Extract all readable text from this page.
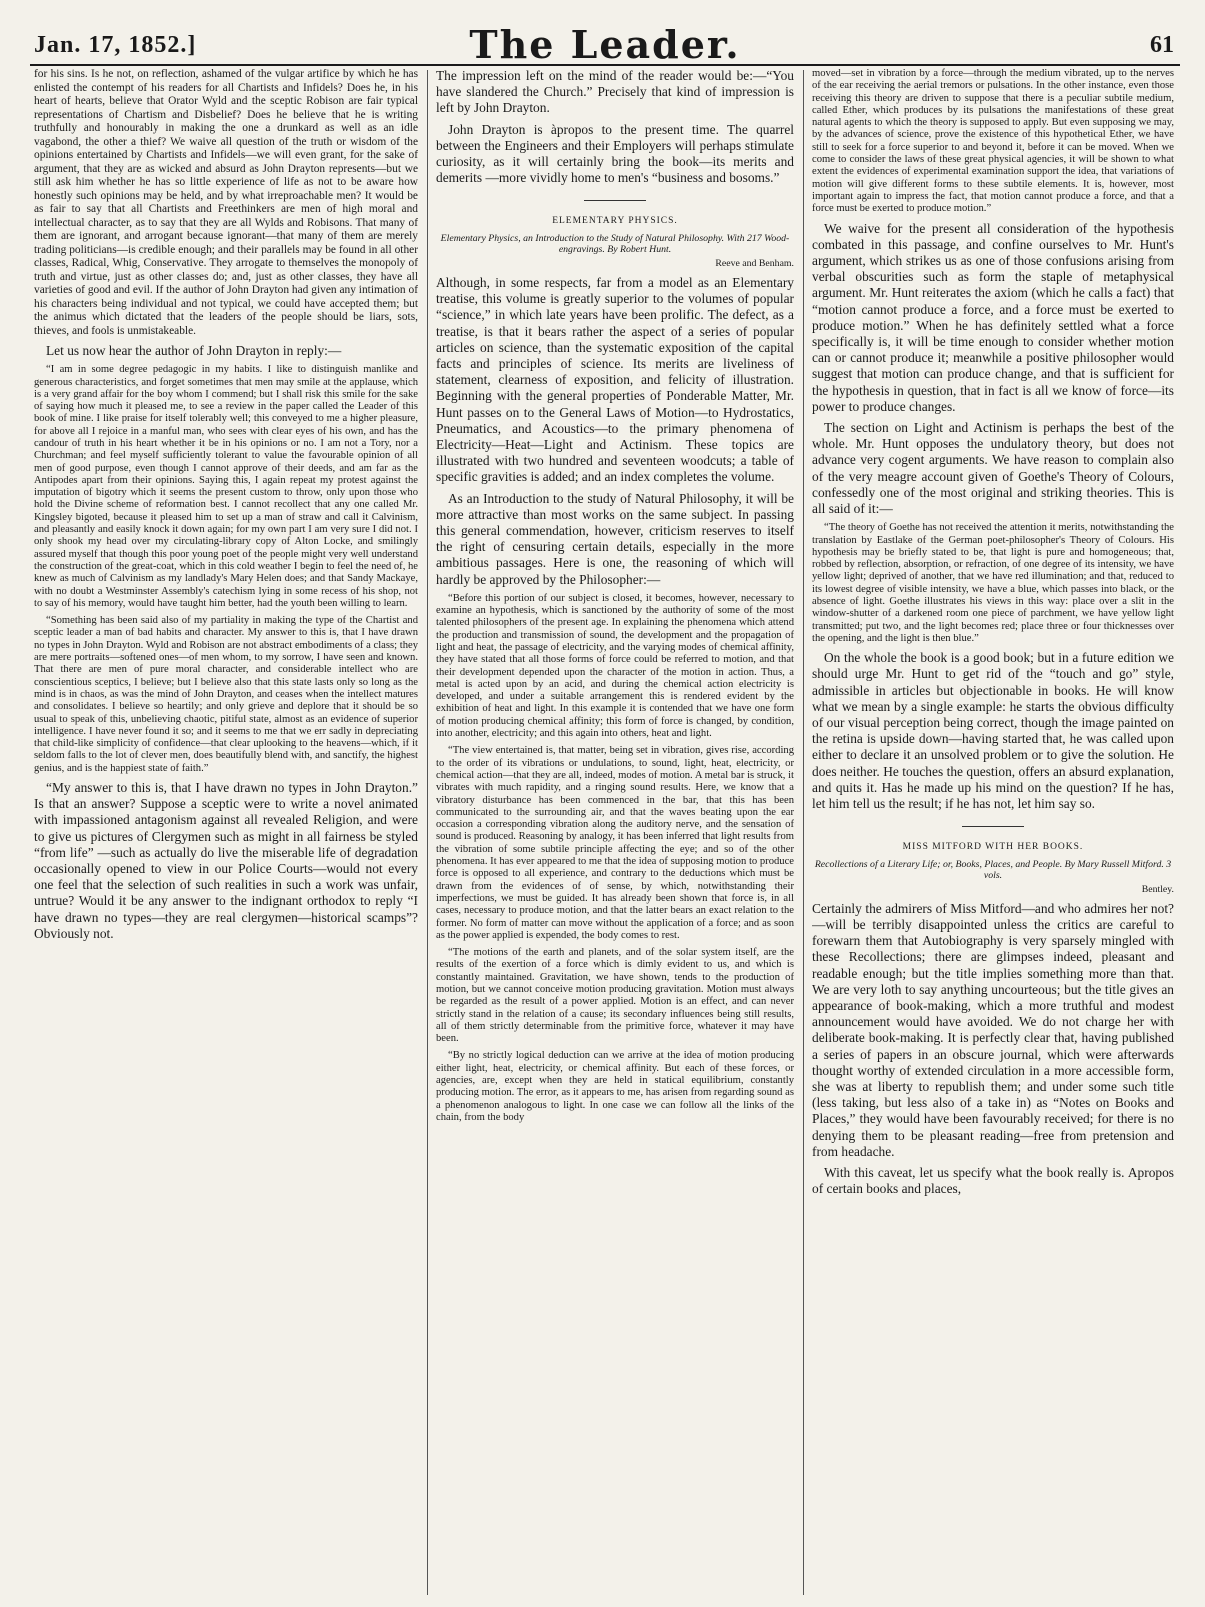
Jan. 17, 1852.]	The Leader.	61

for his sins. Is he not, on reflection, ashamed of the vulgar artifice by which he has enlisted the contempt of his readers for all Chartists and Infidels? Does he, in his heart of hearts, believe that Orator Wyld and the sceptic Robison are fair typical representations of Chartism and Disbelief? Does he believe that he is writing truthfully and honourably in making the one a drunkard as well as an idle vagabond, the other a thief? We waive all question of the truth or wisdom of the opinions entertained by Chartists and Infidels—we will even grant, for the sake of argument, that they are as wicked and absurd as John Drayton represents—but we still ask him whether he has so little experience of life as not to be aware how honestly such opinions may be held, and by what irreproachable men? It would be as fair to say that all Chartists and Freethinkers are men of high moral and intellectual character, as to say that they are all Wylds and Robisons. That many of them are ignorant, and arrogant because ignorant—that many of them are merely trading politicians—is credible enough; and their parallels may be found in all other classes, Radical, Whig, Conservative. They arrogate to themselves the monopoly of truth and virtue, just as other classes do; and, just as other classes, they have all varieties of good and evil. If the author of John Drayton had given any intimation of his characters being individual and not typical, we could have accepted them; but the animus which dictated that the leaders of the people should be liars, sots, thieves, and fools is unmistakeable.

Let us now hear the author of John Drayton in reply:—

“I am in some degree pedagogic in my habits. I like to distinguish manlike and generous characteristics, and forget sometimes that men may smile at the applause, which is a very grand affair for the boy whom I commend; but I shall risk this smile for the sake of saying how much it pleased me, to see a review in the paper called the Leader of this book of mine. I like praise for itself tolerably well; this conveyed to me a higher pleasure, for above all I rejoice in a manful man, who sees with clear eyes of his own, and has the candour of truth in his heart whether it be in his opinions or no. I am not a Tory, nor a Churchman; and feel myself sufficiently tolerant to value the favourable opinion of all men of good purpose, even though I cannot approve of their deeds, and am far as the Antipodes apart from their opinions. Saying this, I again repeat my protest against the imputation of bigotry which it seems the present custom to throw, only upon those who hold the Divine scheme of reformation best. I cannot recollect that any one called Mr. Kingsley bigoted, because it pleased him to set up a man of straw and call it Calvinism, and pleasantly and easily knock it down again; for my own part I am very sure I did not. I only shook my head over my circulating-library copy of Alton Locke, and smilingly assured myself that though this poor young poet of the people might very well understand the construction of the great-coat, which in this cold weather I begin to feel the need of, he knew as much of Calvinism as my landlady's Mary Helen does; and that Sandy Mackaye, with no doubt a Westminster Assembly's catechism lying in some recess of his shop, not to say of his memory, would have taught him better, had the youth been willing to learn.

“Something has been said also of my partiality in making the type of the Chartist and sceptic leader a man of bad habits and character. My answer to this is, that I have drawn no types in John Drayton. Wyld and Robison are not abstract embodiments of a class; they are mere portraits—softened ones—of men whom, to my sorrow, I have seen and known. That there are men of pure moral character, and considerable intellect who are conscientious sceptics, I believe; but I believe also that this state lasts only so long as the mind is in chaos, as was the mind of John Drayton, and ceases when the intellect matures and consolidates. I believe so heartily; and only grieve and deplore that it should be so usual to speak of this, unbelieving chaotic, pitiful state, almost as an evidence of superior intelligence. I have never found it so; and it seems to me that we err sadly in depreciating that child-like simplicity of confidence—that clear uplooking to the heavens—which, if it seldom falls to the lot of clever men, does beautifully blend with, and sanctify, the highest genius, and is the happiest state of faith.”

“My answer to this is, that I have drawn no types in John Drayton.” Is that an answer? Suppose a sceptic were to write a novel animated with impassioned antagonism against all revealed Religion, and were to give us pictures of Clergymen such as might in all fairness be styled “from life” —such as actually do live the miserable life of degradation occasionally opened to view in our Police Courts—would not every one feel that the selection of such realities in such a work was unfair, untrue? Would it be any answer to the indignant orthodox to reply “I have drawn no types—they are real clergymen—historical scamps”? Obviously not.

The impression left on the mind of the reader would be:—“You have slandered the Church.” Precisely that kind of impression is left by John Drayton.

John Drayton is àpropos to the present time. The quarrel between the Engineers and their Employers will perhaps stimulate curiosity, as it will certainly bring the book—its merits and demerits —more vividly home to men's “business and bosoms.”

ELEMENTARY PHYSICS.
Elementary Physics, an Introduction to the Study of Natural Philosophy. With 217 Wood-engravings. By Robert Hunt.
Reeve and Benham.

Although, in some respects, far from a model as an Elementary treatise, this volume is greatly superior to the volumes of popular “science,” in which late years have been prolific. The defect, as a treatise, is that it bears rather the aspect of a series of popular articles on science, than the systematic exposition of the capital facts and principles of science. Its merits are liveliness of statement, clearness of exposition, and felicity of illustration. Beginning with the general properties of Ponderable Matter, Mr. Hunt passes on to the General Laws of Motion—to Hydrostatics, Pneumatics, and Acoustics—to the primary phenomena of Electricity—Heat—Light and Actinism. These topics are illustrated with two hundred and seventeen woodcuts; a table of specific gravities is added; and an index completes the volume.

As an Introduction to the study of Natural Philosophy, it will be more attractive than most works on the same subject. In passing this general commendation, however, criticism reserves to itself the right of censuring certain details, especially in the more ambitious passages. Here is one, the reasoning of which will hardly be approved by the Philosopher:—

“Before this portion of our subject is closed, it becomes, however, necessary to examine an hypothesis, which is sanctioned by the authority of some of the most talented philosophers of the present age. In explaining the phenomena which attend the production and transmission of sound, the development and the propagation of light and heat, the passage of electricity, and the varying modes of chemical affinity, they have stated that all those forms of force could be referred to motion, and that their development depended upon the character of the motion in action. Thus, a metal is acted upon by an acid, and during the chemical action electricity is developed, and under a suitable arrangement this is rendered evident by the exhibition of heat and light. In this example it is contended that we have one form of motion producing chemical affinity; this form of force is changed, by condition, into another, electricity; and this again into others, heat and light.

“The view entertained is, that matter, being set in vibration, gives rise, according to the order of its vibrations or undulations, to sound, light, heat, electricity, or chemical action—that they are all, indeed, modes of motion. A metal bar is struck, it vibrates with much rapidity, and a ringing sound results. Here, we know that a vibratory disturbance has been commenced in the bar, that this has been communicated to the surrounding air, and that the waves beating upon the ear occasion a corresponding vibration along the auditory nerve, and the sensation of sound is produced. Reasoning by analogy, it has been inferred that light results from the vibration of some subtile principle affecting the eye; and so of the other phenomena. It has ever appeared to me that the idea of supposing motion to produce force is opposed to all experience, and contrary to the deductions which must be drawn from the evidences of of sense, by which, notwithstanding their imperfections, we must be guided. It has already been shown that force is, in all cases, necessary to produce motion, and that the latter bears an exact relation to the former. No form of matter can move without the application of a force; and as soon as the power applied is expended, the body comes to rest.

“The motions of the earth and planets, and of the solar system itself, are the results of the exertion of a force which is dimly evident to us, and which is constantly maintained. Gravitation, we have shown, tends to the production of motion, but we cannot conceive motion producing gravitation. Motion must always be regarded as the result of a power applied. Motion is an effect, and can never strictly stand in the relation of a cause; its secondary influences being still results, all of them strictly determinable from the primitive force, whatever it may have been.

“By no strictly logical deduction can we arrive at the idea of motion producing either light, heat, electricity, or chemical affinity. But each of these forces, or agencies, are, except when they are held in statical equilibrium, constantly producing motion. The error, as it appears to me, has arisen from regarding sound as a phenomenon analogous to light. In one case we can follow all the links of the chain, from the body

moved—set in vibration by a force—through the medium vibrated, up to the nerves of the ear receiving the aerial tremors or pulsations. In the other instance, even those receiving this theory are driven to suppose that there is a peculiar subtile medium, called Ether, which produces by its pulsations the manifestations of these great natural agents to which the theory is supposed to apply. But even supposing we may, by the advances of science, prove the existence of this hypothetical Ether, we have still to seek for a force superior to and beyond it, before it can be moved. When we come to consider the laws of these great physical agencies, it will be shown to what extent the evidences of experimental examination support the idea, that variations of motion will give different forms to these subtile elements. It is, however, most important again to impress the fact, that motion cannot produce a force, and that a force must be exerted to produce motion.”

We waive for the present all consideration of the hypothesis combated in this passage, and confine ourselves to Mr. Hunt's argument, which strikes us as one of those confusions arising from verbal obscurities such as form the staple of metaphysical argument. Mr. Hunt reiterates the axiom (which he calls a fact) that “motion cannot produce a force, and a force must be exerted to produce motion.” When he has definitely settled what a force specifically is, it will be time enough to consider whether motion can or cannot produce it; meanwhile a positive philosopher would suggest that motion can produce change, and that is sufficient for the hypothesis in question, that in fact is all we know of force—its power to produce changes.

The section on Light and Actinism is perhaps the best of the whole. Mr. Hunt opposes the undulatory theory, but does not advance very cogent arguments. We have reason to complain also of the very meagre account given of Goethe's Theory of Colours, confessedly one of the most original and striking theories. This is all said of it:—

“The theory of Goethe has not received the attention it merits, notwithstanding the translation by Eastlake of the German poet-philosopher's Theory of Colours. His hypothesis may be briefly stated to be, that light is pure and homogeneous; that, robbed by reflection, absorption, or refraction, of one degree of its intensity, we have yellow light; deprived of another, that we have red illumination; and that, reduced to its lowest degree of visible intensity, we have a blue, which passes into black, or the absence of light. Goethe illustrates his views in this way: place over a slit in the window-shutter of a darkened room one piece of parchment, we have yellow light transmitted; put two, and the light becomes red; place three or four thicknesses over the opening, and the light is then blue.”

On the whole the book is a good book; but in a future edition we should urge Mr. Hunt to get rid of the “touch and go” style, admissible in articles but objectionable in books. He will know what we mean by a single example: he starts the obvious difficulty of our visual perception being correct, though the image painted on the retina is upside down—having started that, he was called upon either to declare it an unsolved problem or to give the solution. He does neither. He touches the question, offers an absurd explanation, and quits it. Has he made up his mind on the question? If he has, let him tell us the result; if he has not, let him say so.

MISS MITFORD WITH HER BOOKS.
Recollections of a Literary Life; or, Books, Places, and People. By Mary Russell Mitford. 3 vols.
Bentley.

Certainly the admirers of Miss Mitford—and who admires her not?—will be terribly disappointed unless the critics are careful to forewarn them that Autobiography is very sparsely mingled with these Recollections; there are glimpses indeed, pleasant and readable enough; but the title implies something more than that. We are very loth to say anything uncourteous; but the title gives an appearance of book-making, which a more truthful and modest announcement would have avoided. We do not charge her with deliberate book-making. It is perfectly clear that, having published a series of papers in an obscure journal, which were afterwards thought worthy of extended circulation in a more accessible form, she was at liberty to republish them; and under some such title (less taking, but less also of a take in) as “Notes on Books and Places,” they would have been favourably received; for there is no denying them to be pleasant reading—free from pretension and from headache.

With this caveat, let us specify what the book really is. Apropos of certain books and places,
